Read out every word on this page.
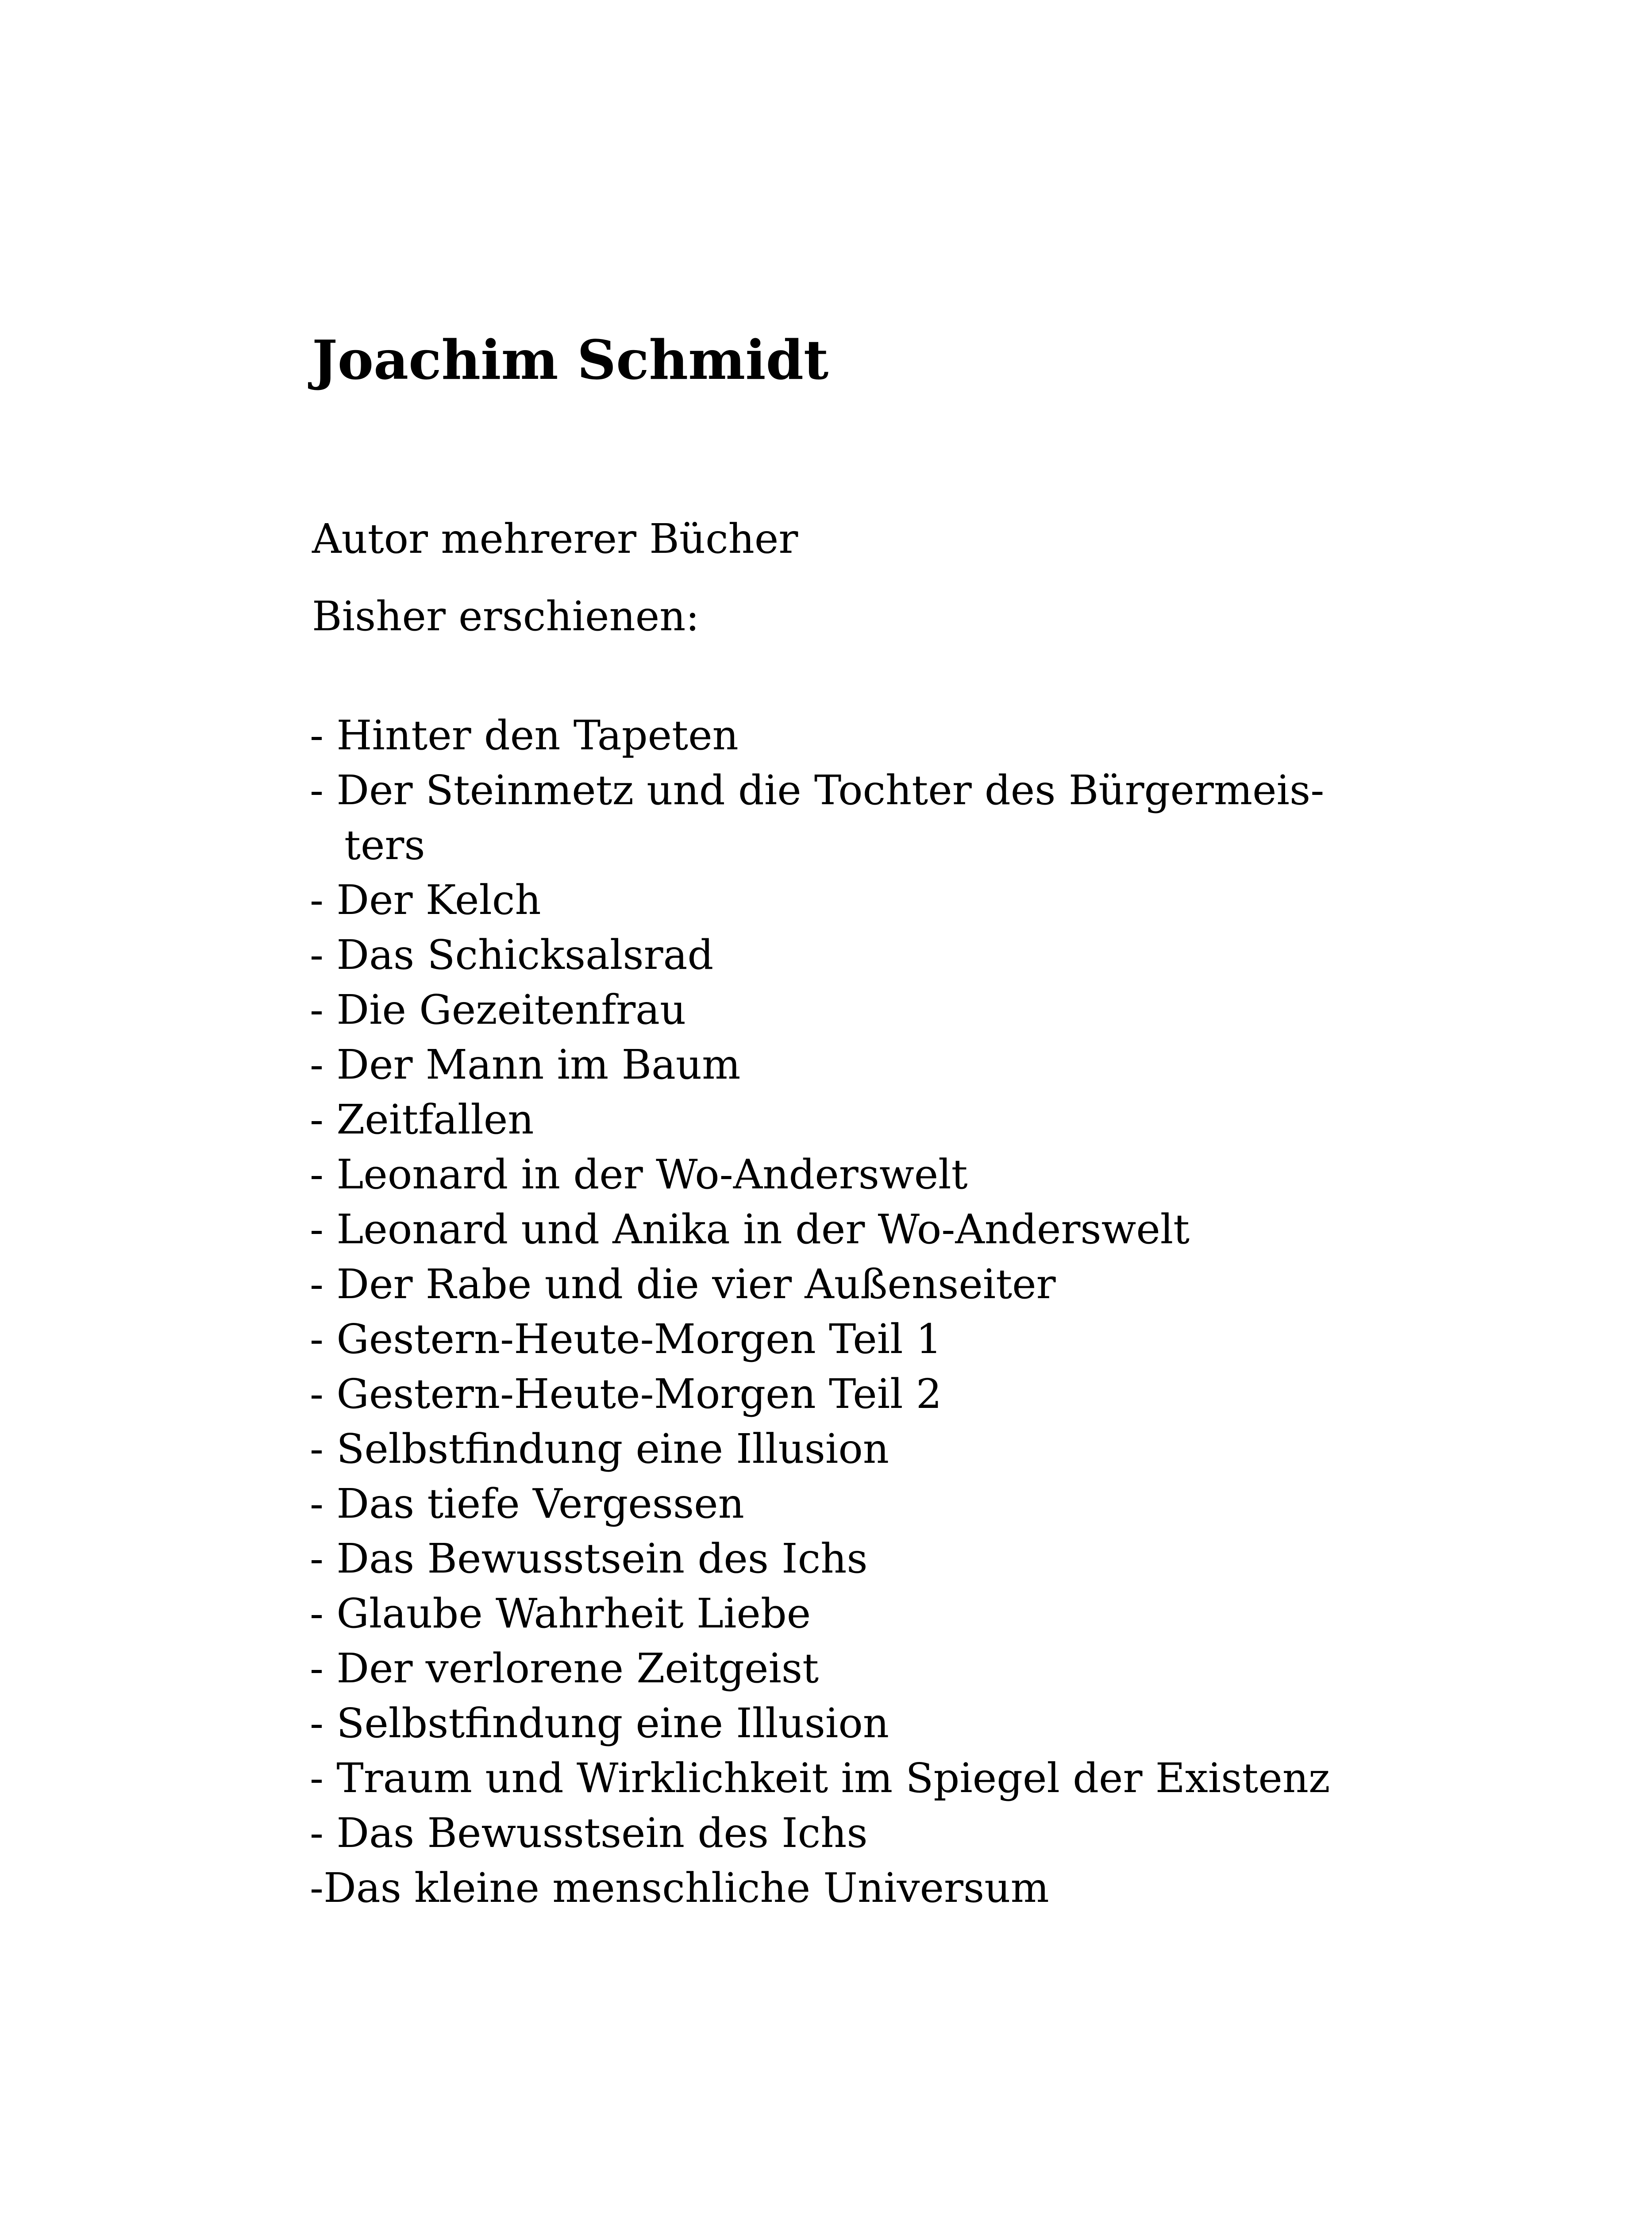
Joachim Schmidt

Autor mehrerer Bücher

Bisher erschienen:

- Hinter den Tapeten
- Der Steinmetz und die Tochter des Bürgermeis-
ters
- Der Kelch
- Das Schicksalsrad
- Die Gezeitenfrau
- Der Mann im Baum
- Zeitfallen
- Leonard in der Wo-Anderswelt
- Leonard und Anika in der Wo-Anderswelt
- Der Rabe und die vier Außenseiter
- Gestern-Heute-Morgen Teil 1
- Gestern-Heute-Morgen Teil 2
- Selbstfindung eine Illusion
- Das tiefe Vergessen
- Das Bewusstsein des Ichs
- Glaube Wahrheit Liebe
- Der verlorene Zeitgeist
- Selbstfindung eine Illusion
- Traum und Wirklichkeit im Spiegel der Existenz
- Das Bewusstsein des Ichs
-Das kleine menschliche Universum
